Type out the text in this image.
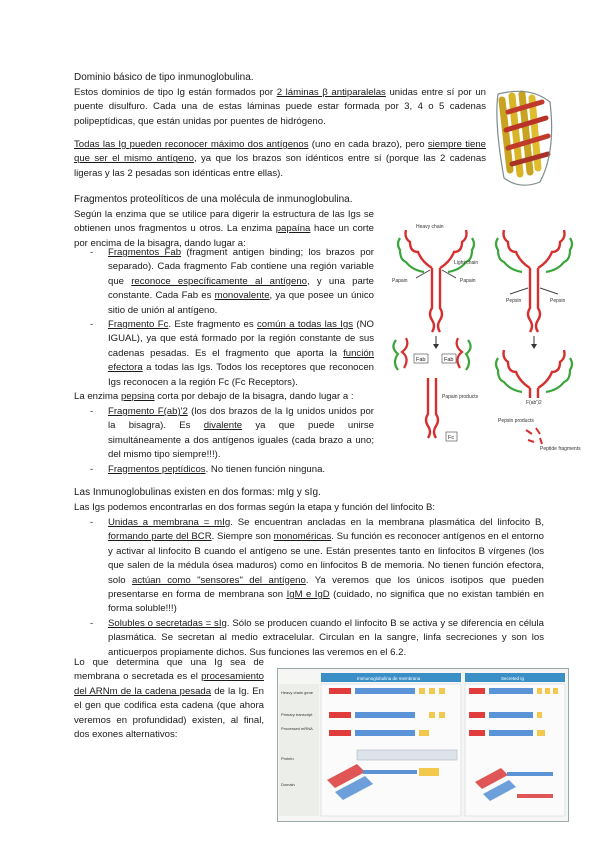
Dominio básico de tipo inmunoglobulina.

Estos dominios de tipo Ig están formados por 2 láminas β antiparalelas unidas entre sí por un puente disulfuro. Cada una de estas láminas puede estar formada por 3, 4 o 5 cadenas polipeptídicas, que están unidas por puentes de hidrógeno.

Todas las Ig pueden reconocer máximo dos antígenos (uno en cada brazo), pero siempre tiene que ser el mismo antígeno, ya que los brazos son idénticos entre sí (porque las 2 cadenas ligeras y las 2 pesadas son idénticas entre ellas).

Fragmentos proteolíticos de una molécula de inmunoglobulina.

Según la enzima que se utilice para digerir la estructura de las Igs se obtienen unos fragmentos u otros. La enzima papaína hace un corte por encima de la bisagra, dando lugar a:

- Fragmentos Fab (fragment antigen binding; los brazos por separado). Cada fragmento Fab contiene una región variable que reconoce específicamente al antígeno, y una parte constante. Cada Fab es monovalente, ya que posee un único sitio de unión al antígeno.
- Fragmento Fc. Este fragmento es común a todas las Igs (NO IGUAL), ya que está formado por la región constante de sus cadenas pesadas. Es el fragmento que aporta la función efectora a todas las Igs. Todos los receptores que reconocen Igs reconocen a la región Fc (Fc Receptors).

La enzima pepsina corta por debajo de la bisagra, dando lugar a :

- Fragmento F(ab)'2 (los dos brazos de la Ig unidos unidos por la bisagra). Es divalente ya que puede unirse simultáneamente a dos antígenos iguales (cada brazo a uno; del mismo tipo siempre!!!).
- Fragmentos peptídicos. No tienen función ninguna.
Heavy chain
Light chain
Papain	Papain
Pepsin	Pepsin
Fab	Fab
Papain products
Fc
F(ab')2
Pepsin products
Peptide fragments
Las Inmunoglobulinas existen en dos formas: mIg y sIg.

Las Igs podemos encontrarlas en dos formas según la etapa y función del linfocito B:

- Unidas a membrana = mIg. Se encuentran ancladas en la membrana plasmática del linfocito B, formando parte del BCR. Siempre son monoméricas. Su función es reconocer antígenos en el entorno y activar al linfocito B cuando el antígeno se une. Están presentes tanto en linfocitos B vírgenes (los que salen de la médula ósea maduros) como en linfocitos B de memoria. No tienen función efectora, solo actúan como "sensores" del antígeno. Ya veremos que los únicos isotipos que pueden presentarse en forma de membrana son IgM e IgD (cuidado, no significa que no existan también en forma soluble!!!)
- Solubles o secretadas = sIg. Sólo se producen cuando el linfocito B se activa y se diferencia en célula plasmática. Se secretan al medio extracelular. Circulan en la sangre, linfa secreciones y son los anticuerpos propiamente dichos. Sus funciones las veremos en el 6.2.

Lo que determina que una Ig sea de membrana o secretada es el procesamiento del ARNm de la cadena pesada de la Ig. En el gen que codifica esta cadena (que ahora veremos en profundidad) existen, al final, dos exones alternativos:

Heavy chain gene
Primary transcript
Processed mRNA
Protein
Domain
Immunoglobulina de membrana	Secreted Ig
